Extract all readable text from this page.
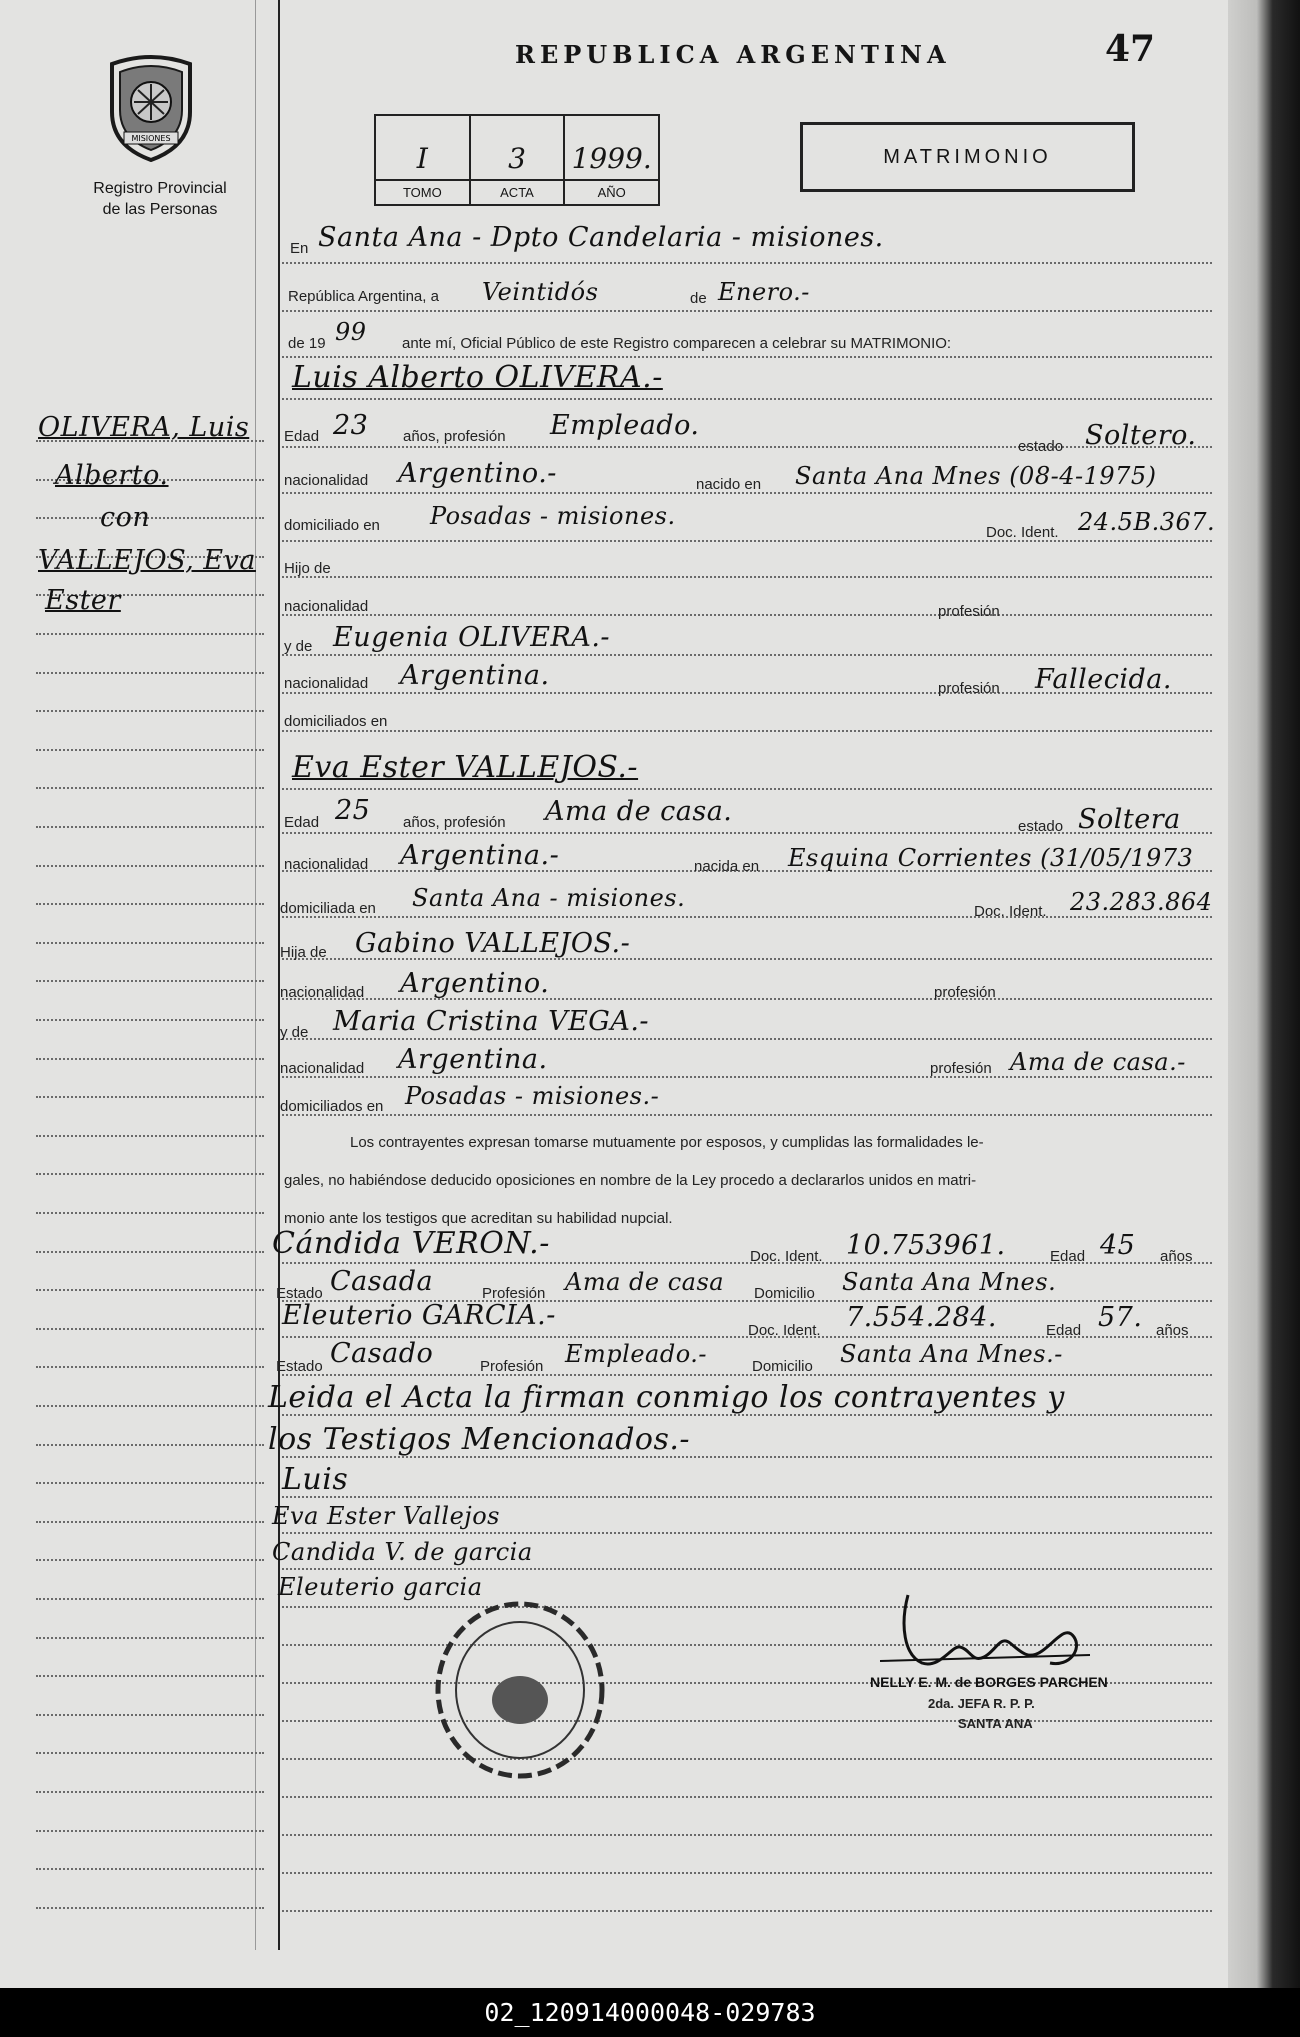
MISIONES
Registro Provincial
de las Personas
REPUBLICA ARGENTINA	47
I
TOMO
3
ACTA
1999.
AÑO
MATRIMONIO
OLIVERA, Luis
Alberto.
con
VALLEJOS, Eva
Ester
En Santa Ana - Dpto Candelaria - misiones.
República Argentina, a Veintidós	de Enero.-
de 19 99 ante mí, Oficial Público de este Registro comparecen a celebrar su MATRIMONIO:
Luis Alberto OLIVERA.-
Edad 23 años, profesión Empleado.
estado Soltero.
nacionalidad Argentino.-	nacido en Santa Ana Mnes (08-4-1975)
domiciliado en Posadas - misiones.
Doc. Ident. 24.5B.367.
Hijo de
nacionalidad	profesión
y de Eugenia OLIVERA.-
nacionalidad Argentina.	profesión Fallecida.
domiciliados en
Eva Ester VALLEJOS.-
Edad 25 años, profesión Ama de casa.	estado Soltera
nacionalidad Argentina.-	nacida en Esquina Corrientes (31/05/1973
domiciliada en Santa Ana - misiones.	Doc. Ident. 23.283.864
Hija de Gabino VALLEJOS.-
nacionalidad Argentino.	profesión
y de Maria Cristina VEGA.-
nacionalidad Argentina.	profesión Ama de casa.-
domiciliados en Posadas - misiones.-
Los contrayentes expresan tomarse mutuamente por esposos, y cumplidas las formalidades le-
gales, no habiéndose deducido oposiciones en nombre de la Ley procedo a declararlos unidos en matri-
monio ante los testigos que acreditan su habilidad nupcial.
Cándida VERON.-	Doc. Ident. 10.753961.	Edad 45 años
Estado Casada	Profesión Ama de casa Domicilio Santa Ana Mnes.
Eleuterio GARCIA.-	Doc. Ident. 7.554.284.	Edad 57. años
Estado Casado	Profesión Empleado.-	Domicilio Santa Ana Mnes.-
Leida el Acta la firman conmigo los contrayentes y
los Testigos Mencionados.-
Luis
Eva Ester Vallejos
Candida V. de garcia
Eleuterio garcia
NELLY E. M. de BORGES PARCHEN
2da. JEFA R. P. P.
SANTA ANA
02_120914000048-029783
